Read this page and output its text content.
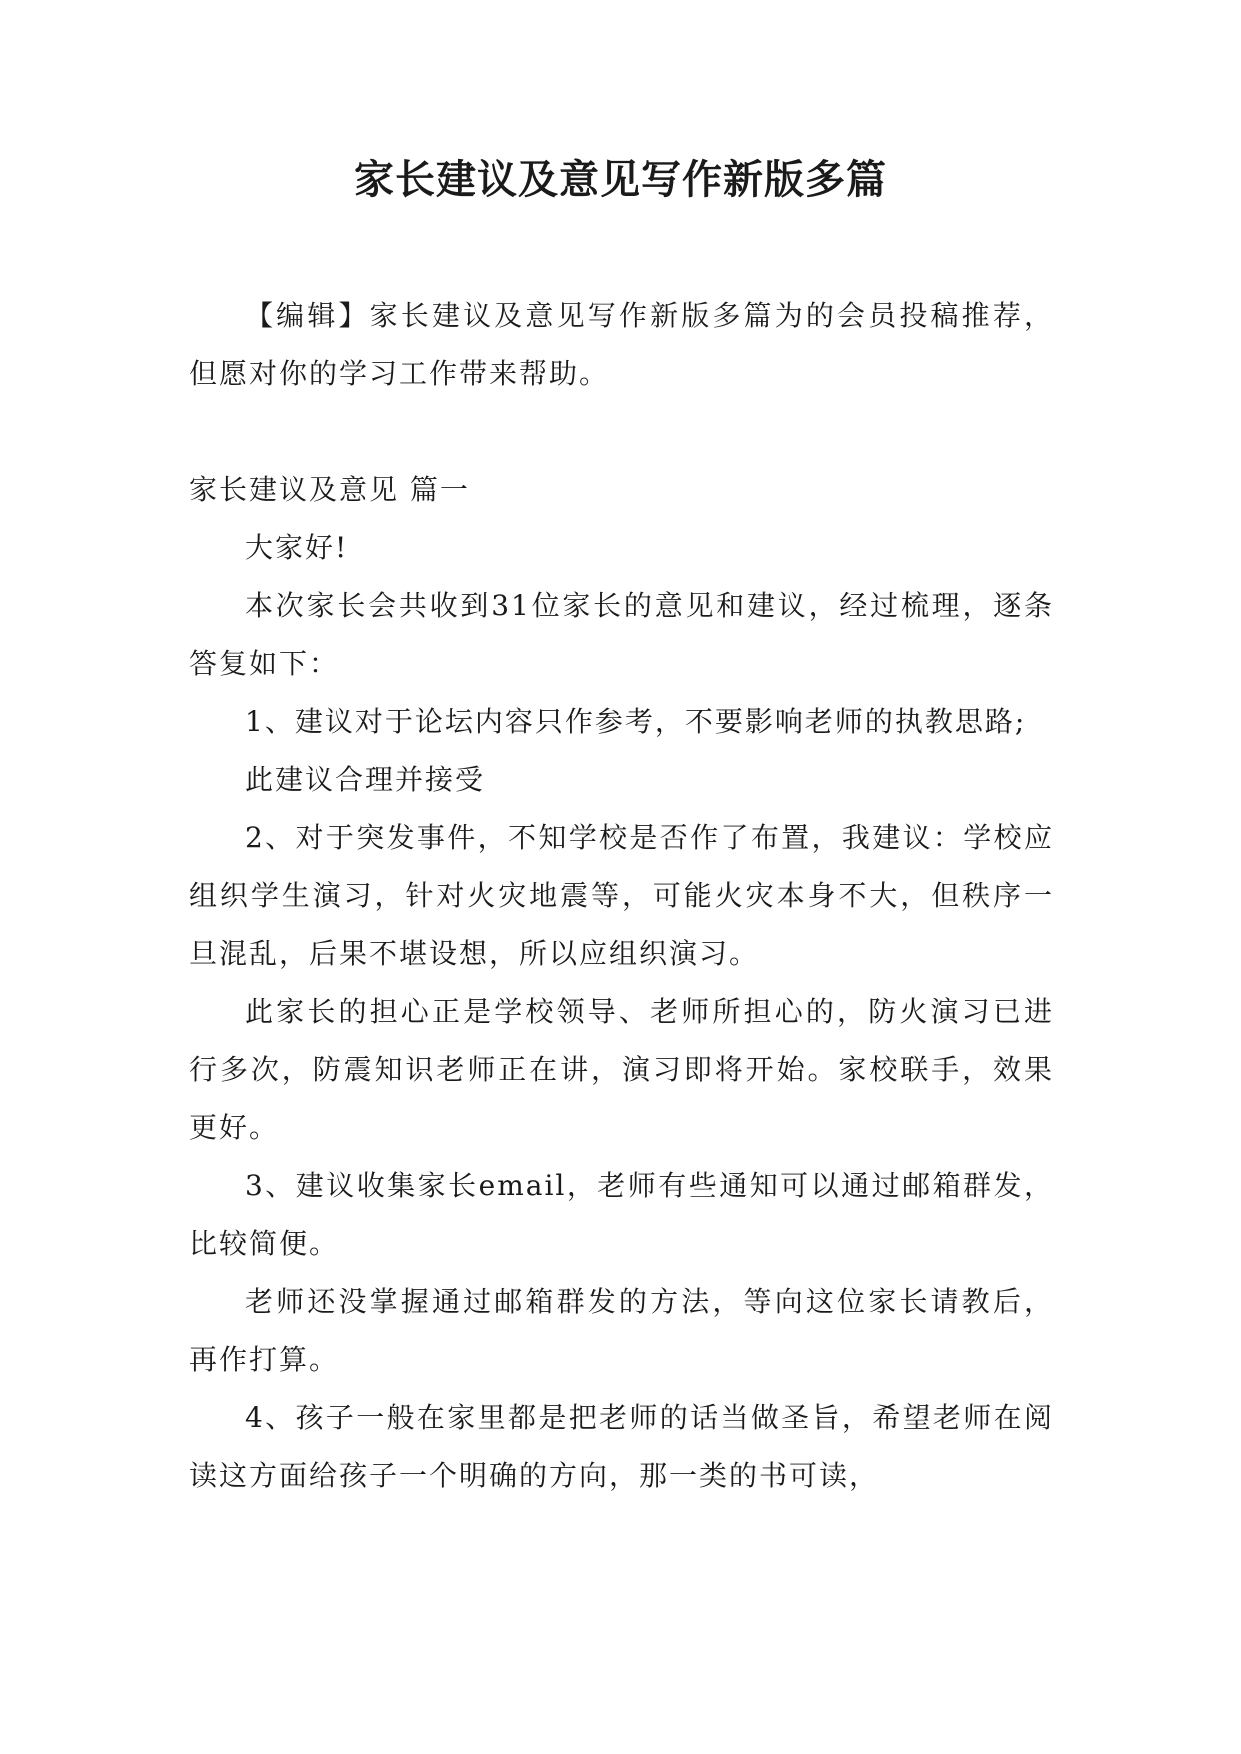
家长建议及意见写作新版多篇

【编辑】家长建议及意见写作新版多篇为的会员投稿推荐，但愿对你的学习工作带来帮助。

家长建议及意见 篇一

大家好!

本次家长会共收到31位家长的意见和建议，经过梳理，逐条答复如下：

1、建议对于论坛内容只作参考，不要影响老师的执教思路;

此建议合理并接受

2、对于突发事件，不知学校是否作了布置，我建议：学校应组织学生演习，针对火灾地震等，可能火灾本身不大，但秩序一旦混乱，后果不堪设想，所以应组织演习。

此家长的担心正是学校领导、老师所担心的，防火演习已进行多次，防震知识老师正在讲，演习即将开始。家校联手，效果更好。

3、建议收集家长email，老师有些通知可以通过邮箱群发，比较简便。

老师还没掌握通过邮箱群发的方法，等向这位家长请教后，再作打算。

4、孩子一般在家里都是把老师的话当做圣旨，希望老师在阅读这方面给孩子一个明确的方向，那一类的书可读，
